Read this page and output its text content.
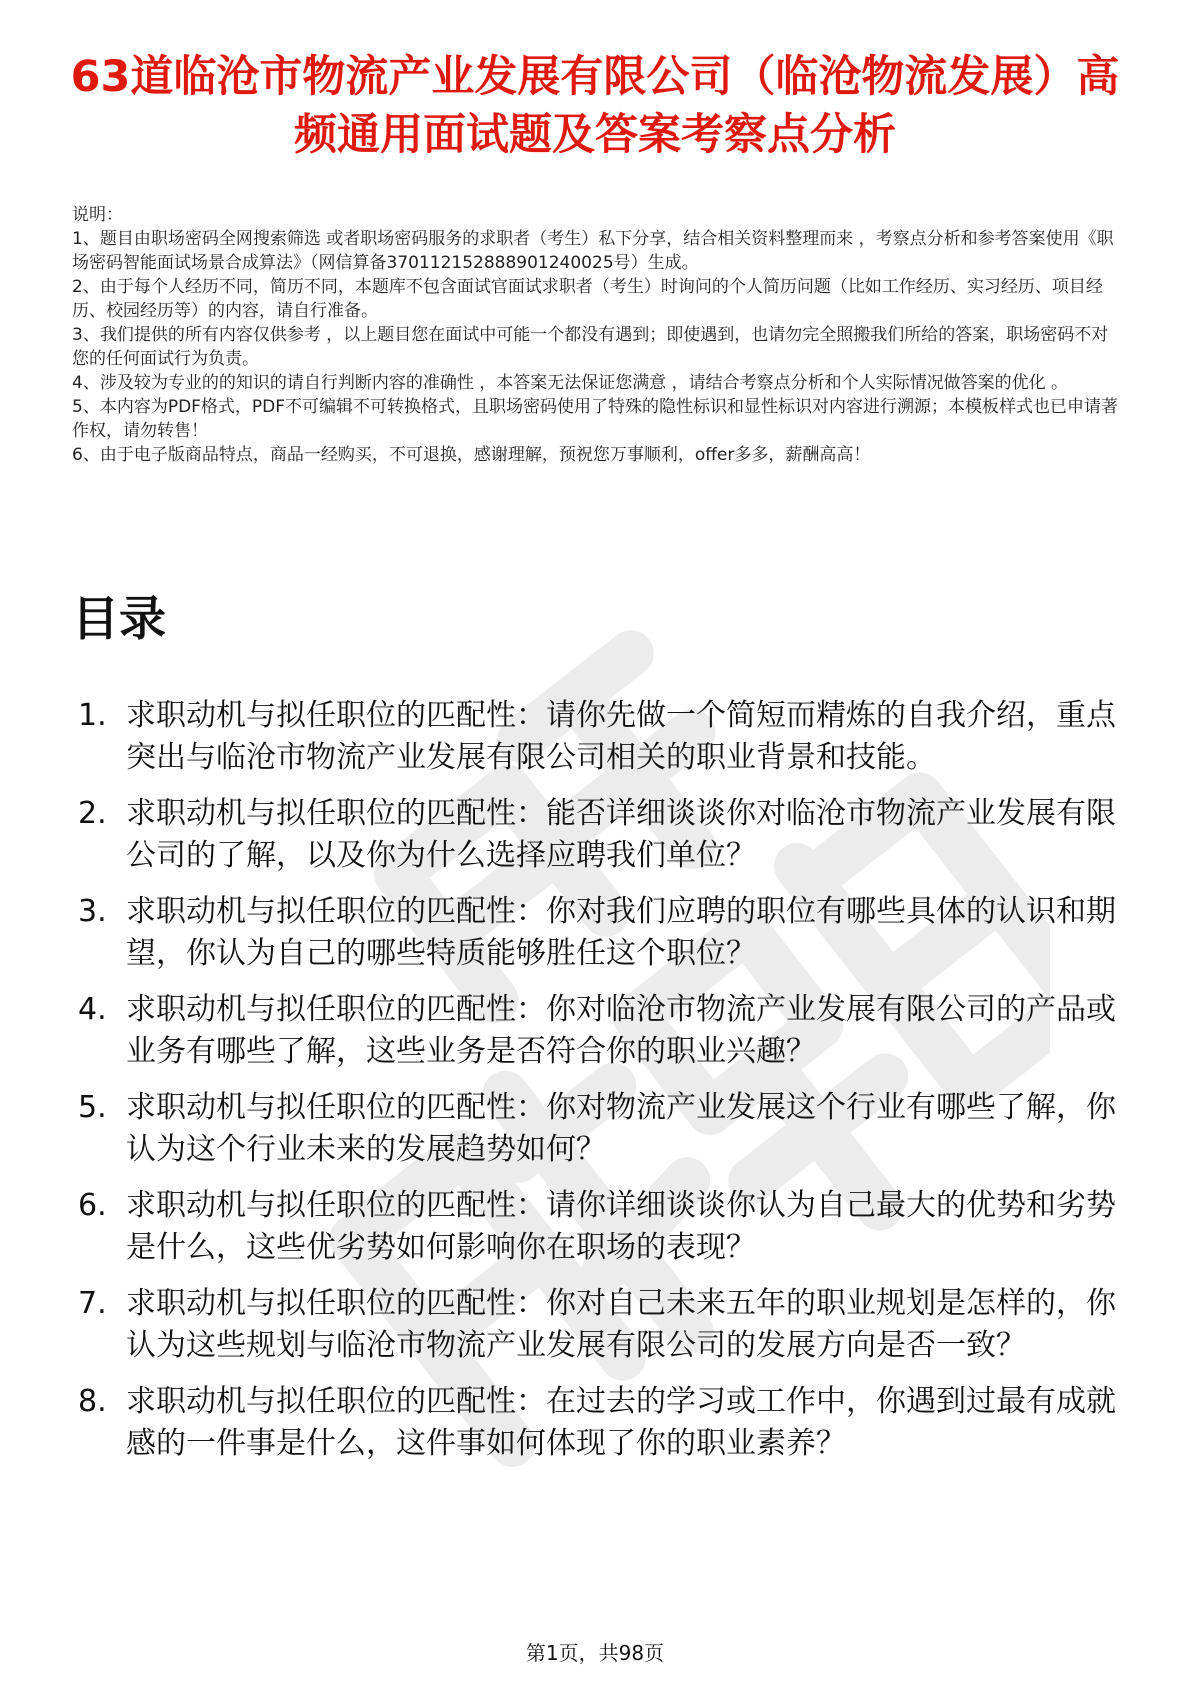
63道临沧市物流产业发展有限公司（临沧物流发展）高频通用面试题及答案考察点分析
说明：
1、题目由职场密码全网搜索筛选 或者职场密码服务的求职者（考生）私下分享，结合相关资料整理而来 ，考察点分析和参考答案使用《职场密码智能面试场景合成算法》（网信算备370112152888901240025号）生成。
2、由于每个人经历不同，简历不同，本题库不包含面试官面试求职者（考生）时询问的个人简历问题（比如工作经历、实习经历、项目经历、校园经历等）的内容，请自行准备。
3、我们提供的所有内容仅供参考 ，以上题目您在面试中可能一个都没有遇到；即使遇到，也请勿完全照搬我们所给的答案，职场密码不对您的任何面试行为负责。
4、涉及较为专业的的知识的请自行判断内容的准确性 ，本答案无法保证您满意 ，请结合考察点分析和个人实际情况做答案的优化 。
5、本内容为PDF格式，PDF不可编辑不可转换格式，且职场密码使用了特殊的隐性标识和显性标识对内容进行溯源；本模板样式也已申请著作权，请勿转售！
6、由于电子版商品特点，商品一经购买，不可退换，感谢理解，预祝您万事顺利，offer多多，薪酬高高！
目录
1. 求职动机与拟任职位的匹配性：请你先做一个简短而精炼的自我介绍，重点突出与临沧市物流产业发展有限公司相关的职业背景和技能。
2. 求职动机与拟任职位的匹配性：能否详细谈谈你对临沧市物流产业发展有限公司的了解，以及你为什么选择应聘我们单位？
3. 求职动机与拟任职位的匹配性：你对我们应聘的职位有哪些具体的认识和期望，你认为自己的哪些特质能够胜任这个职位？
4. 求职动机与拟任职位的匹配性：你对临沧市物流产业发展有限公司的产品或业务有哪些了解，这些业务是否符合你的职业兴趣？
5. 求职动机与拟任职位的匹配性：你对物流产业发展这个行业有哪些了解，你认为这个行业未来的发展趋势如何？
6. 求职动机与拟任职位的匹配性：请你详细谈谈你认为自己最大的优势和劣势是什么，这些优劣势如何影响你在职场的表现？
7. 求职动机与拟任职位的匹配性：你对自己未来五年的职业规划是怎样的，你认为这些规划与临沧市物流产业发展有限公司的发展方向是否一致？
8. 求职动机与拟任职位的匹配性：在过去的学习或工作中，你遇到过最有成就感的一件事是什么，这件事如何体现了你的职业素养？
第1页，共98页
